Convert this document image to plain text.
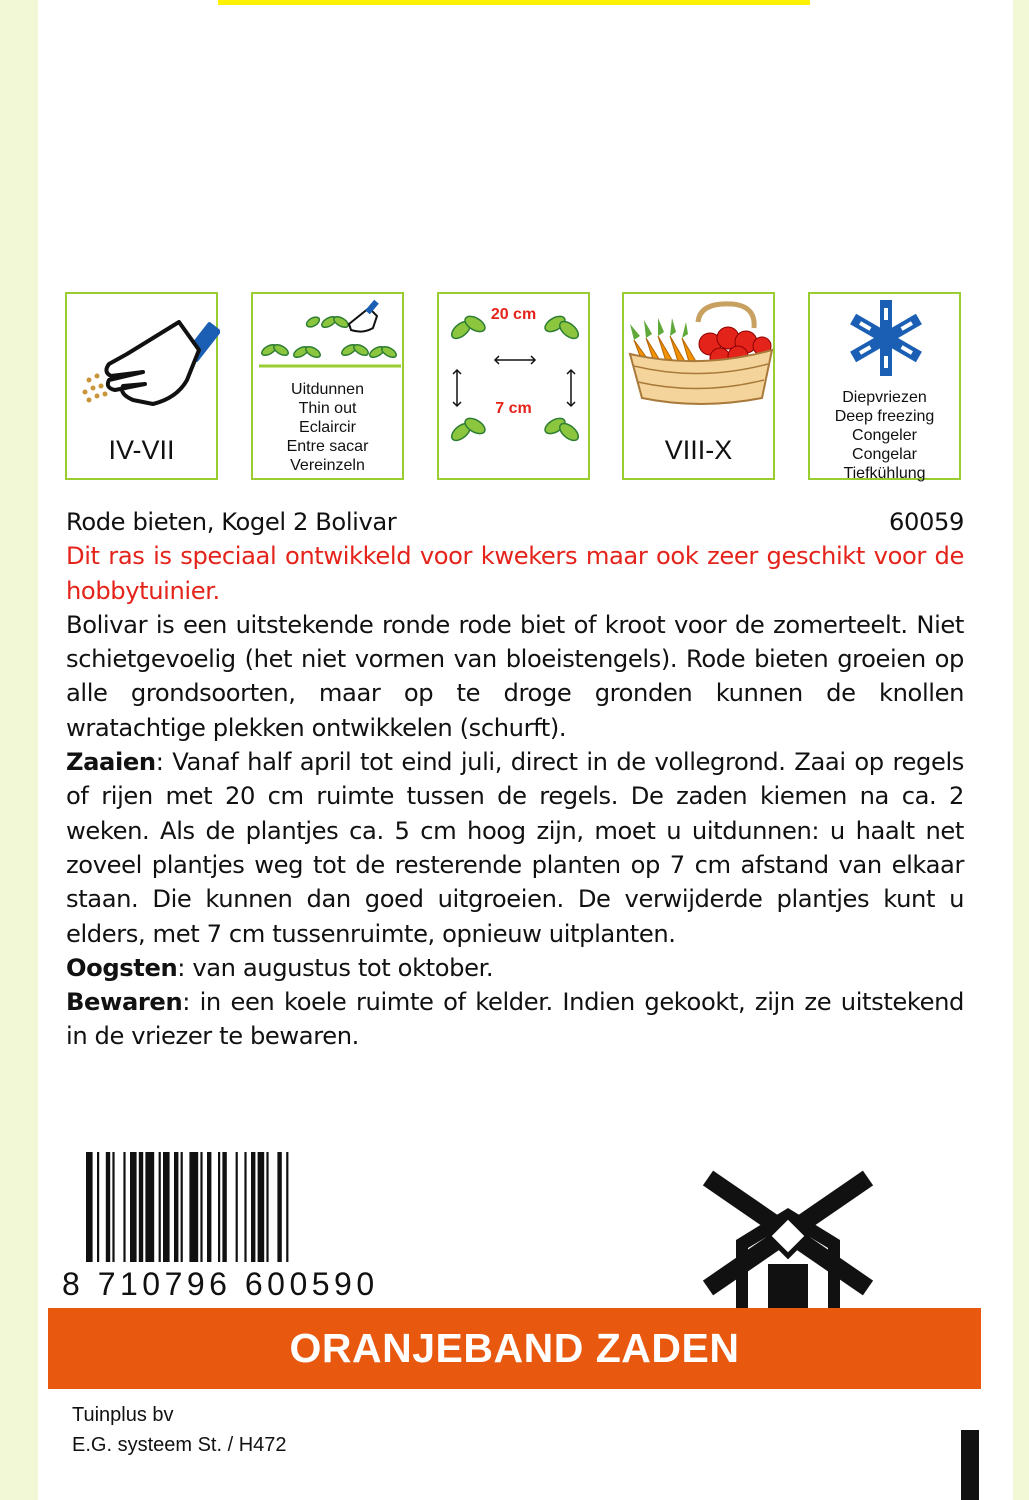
IV-VII
Uitdunnen
Thin out
Eclaircir
Entre sacar
Vereinzeln
20 cm
7 cm
VIII-X
Diepvriezen
Deep freezing
Congeler
Congelar
Tiefkühlung
Rode bieten, Kogel 2 Bolivar	60059

Dit ras is speciaal ontwikkeld voor kwekers maar ook zeer geschikt voor de hobbytuinier.

Bolivar is een uitstekende ronde rode biet of kroot voor de zomerteelt. Niet schietgevoelig (het niet vormen van bloeistengels). Rode bieten groeien op alle grondsoorten, maar op te droge gronden kunnen de knollen wratachtige plekken ontwikkelen (schurft).

Zaaien: Vanaf half april tot eind juli, direct in de vollegrond. Zaai op regels of rijen met 20 cm ruimte tussen de regels. De zaden kiemen na ca. 2 weken. Als de plantjes ca. 5 cm hoog zijn, moet u uitdunnen: u haalt net zoveel plantjes weg tot de resterende planten op 7 cm afstand van elkaar staan. Die kunnen dan goed uitgroeien. De verwijderde plantjes kunt u elders, met 7 cm tussenruimte, opnieuw uitplanten.

Oogsten: van augustus tot oktober.

Bewaren: in een koele ruimte of kelder. Indien gekookt, zijn ze uitstekend in de vriezer te bewaren.

8 710796 600590
ORANJEBAND ZADEN
Tuinplus bv
E.G. systeem St. / H472
